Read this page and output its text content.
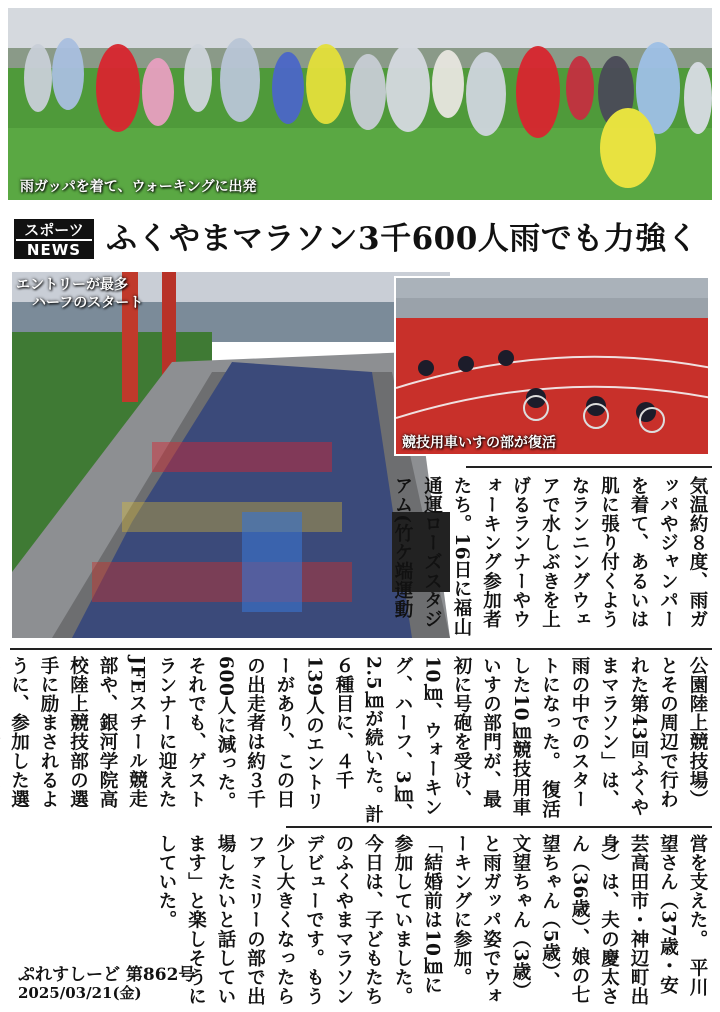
雨ガッパを着て、ウォーキングに出発
スポーツ
NEWS ふくやまマラソン3千600人雨でも力強く
エントリーが最多
ハーフのスタート
競技用車いすの部が復活

気温約８度、雨ガッパやジャンパーを着て、あるいは肌に張り付くようなランニングウェアで水しぶきを上げるランナーやウォーキング参加者たち。16日に福山通運ローズスタジアム(竹ケ端運動

公園陸上競技場）とその周辺で行われた第43回ふくやまマラソン」は、雨の中でのスタートになった。　復活した10㎞競技用車いすの部門が、最初に号砲を受け、10㎞、ウォーキング、ハーフ、3㎞、2.5㎞が続いた。計６種目に、４千139人のエントリーがあり、この日の出走者は約３千600人に減った。それでも、ゲストランナーに迎えたJFEスチール競走部や、銀河学院高校陸上競技部の選手に励まされるように、参加した選

営を支えた。　平川望さん（37歳・安芸高田市・神辺町出身）は、夫の慶太さん（36歳）、娘の七望ちゃん（5歳）、文望ちゃん（3歳）と雨ガッパ姿でウォーキングに参加。「結婚前は10㎞に参加していました。今日は、子どもたちのふくやまマラソンデビューです。もう少し大きくなったらファミリーの部で出場したいと話しています」と楽しそうにしていた。

ぷれすしーど 第862号
2025/03/21(金)
